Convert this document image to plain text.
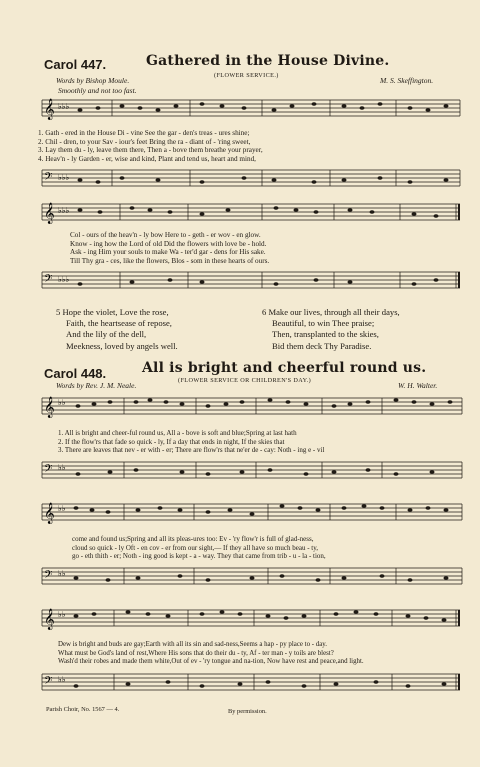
Carol 447.	Gathered in the House Divine.
(FLOWER SERVICE.)
Words by Bishop Moule.	M. S. Skeffington.
Smoothly and not too fast.
𝄞 ♭♭♭
1. Gath - ered in the House Di - vine See the gar - den's treas - ures shine;
2. Chil - dren, to your Sav - iour's feet Bring the ra - diant of - 'ring sweet,
3. Lay them du - ly, leave them there, Then a - bove them breathe your prayer,
4. Heav'n - ly Garden - er, wise and kind, Plant and tend us, heart and mind,
𝄢 ♭♭♭
𝄞 ♭♭♭
Col - ours of the heav'n - ly bow Here to - geth - er wov - en glow.
Know - ing how the Lord of old Did the flowers with love be - hold.
Ask - ing Him your souls to make Wa - ter'd gar - dens for His sake.
Till Thy gra - ces, like the flowers, Blos - som in these hearts of ours.
𝄢 ♭♭♭
5 Hope the violet, Love the rose,
Faith, the heartsease of repose,
And the lily of the dell,
Meekness, loved by angels well.
6 Make our lives, through all their days,
Beautiful, to win Thee praise;
Then, transplanted to the skies,
Bid them deck Thy Paradise.
Carol 448.	All is bright and cheerful round us.
(FLOWER SERVICE OR CHILDREN'S DAY.)
Words by Rev. J. M. Neale.	W. H. Walter.
𝄞 ♭♭
1. All is bright and cheer-ful round us, All a - bove is soft and blue;Spring at last hath
2. If the flow'rs that fade so quick - ly, If a day that ends in night, If the skies that
3. There are leaves that nev - er with - er; There are flow'rs that ne'er de - cay: Noth - ing e - vil
𝄢 ♭♭
𝄞 ♭♭
come and found us;Spring and all its pleas-ures too: Ev - 'ry flow'r is full of glad-ness,
cloud so quick - ly Oft - en cov - er from our sight,— If they all have so much beau - ty,
go - eth thith - er; Noth - ing good is kept - a - way. They that came from trib - u - la - tion,
𝄢 ♭♭
𝄞 ♭♭
Dew is bright and buds are gay;Earth with all its sin and sad-ness,Seems a hap - py place to - day.
What must be God's land of rest,Where His sons that do their du - ty, Af - ter man - y toils are blest?
Wash'd their robes and made them white,Out of ev - 'ry tongue and na-tion, Now have rest and peace,and light.
𝄢 ♭♭
Parish Choir, No. 1567 — 4.	By permission.
